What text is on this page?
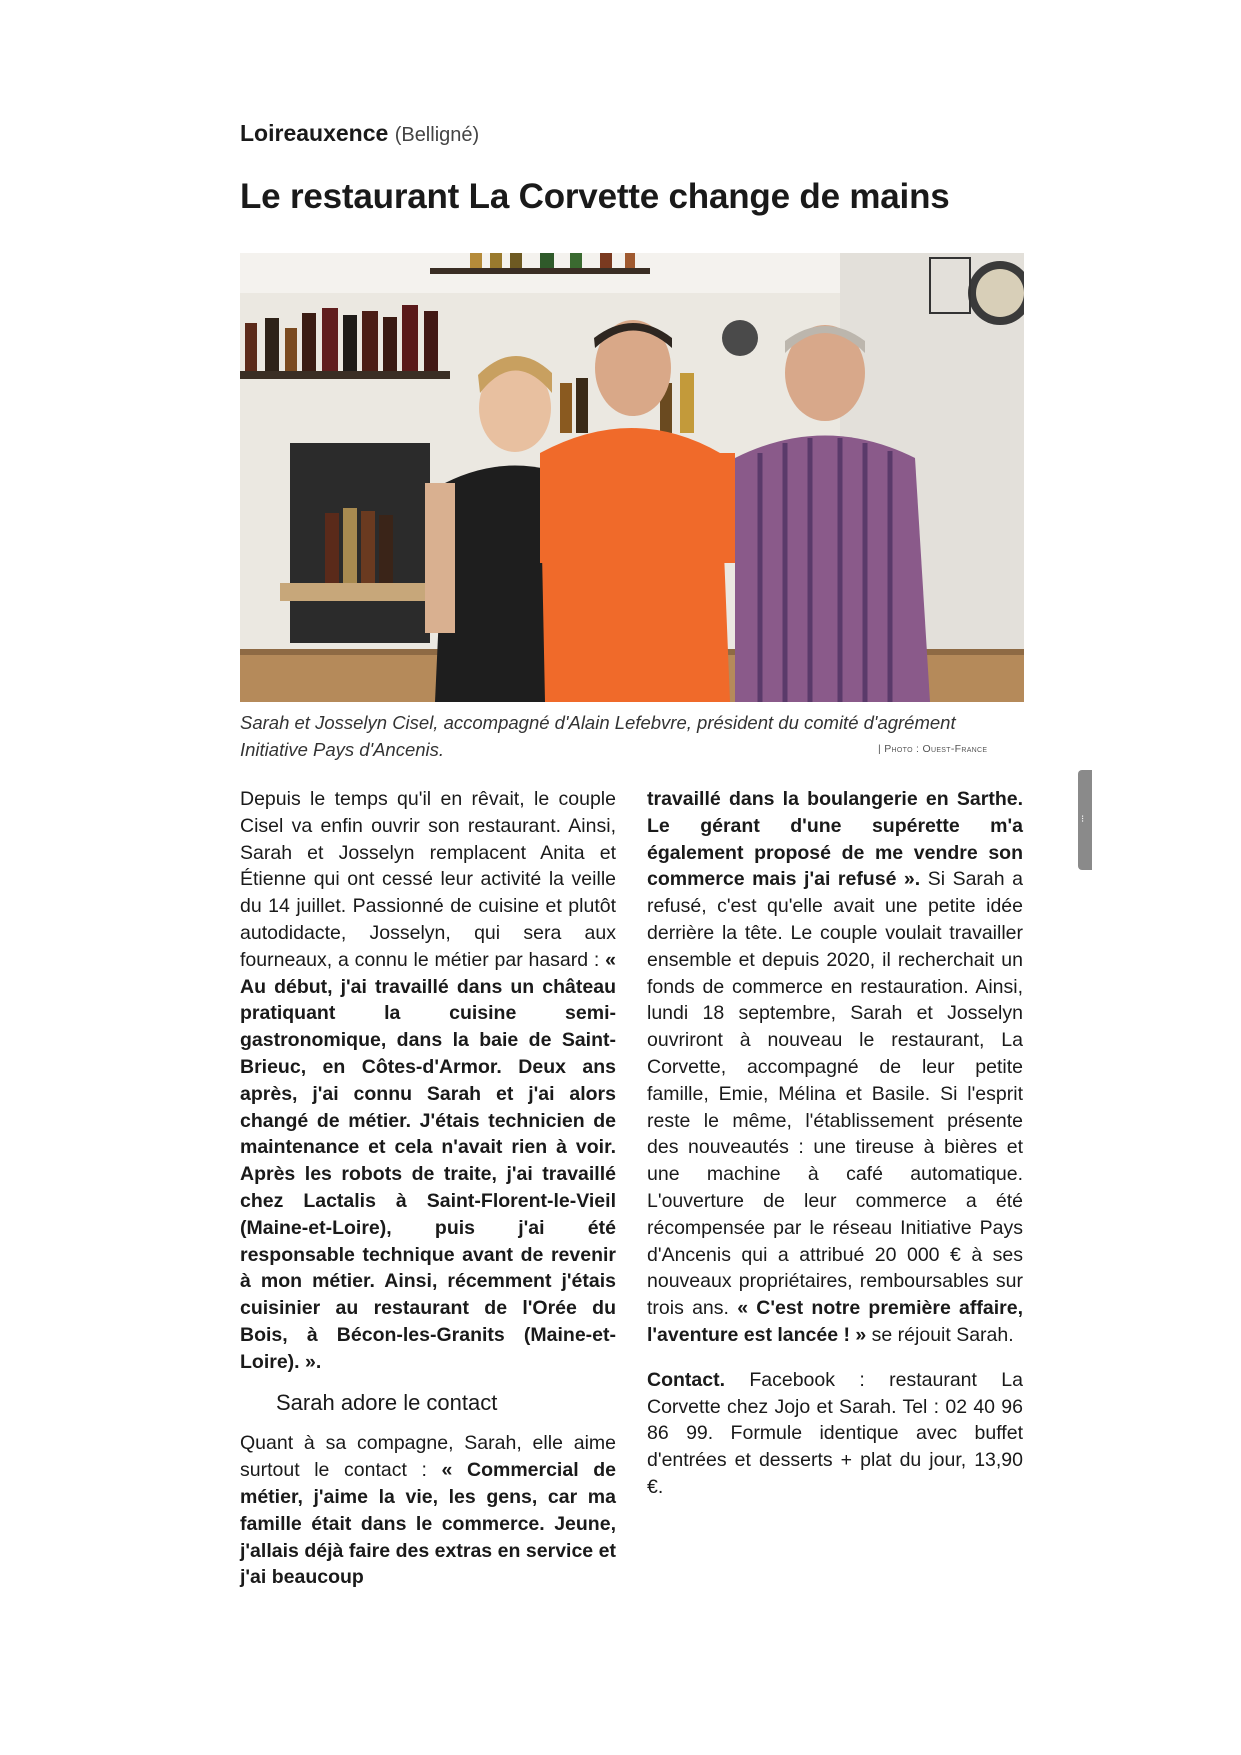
Loireauxence (Belligné)
Le restaurant La Corvette change de mains
Sarah et Josselyn Cisel, accompagné d'Alain Lefebvre, président du comité d'agrément Initiative Pays d'Ancenis.	| Photo : Ouest-France

Depuis le temps qu'il en rêvait, le couple Cisel va enfin ouvrir son restaurant. Ainsi, Sarah et Josselyn remplacent Anita et Étienne qui ont cessé leur activité la veille du 14 juillet. Passionné de cuisine et plutôt autodidacte, Josselyn, qui sera aux fourneaux, a connu le métier par hasard : « Au début, j'ai travaillé dans un château pratiquant la cuisine semi-gastronomique, dans la baie de Saint-Brieuc, en Côtes-d'Armor. Deux ans après, j'ai connu Sarah et j'ai alors changé de métier. J'étais technicien de maintenance et cela n'avait rien à voir. Après les robots de traite, j'ai travaillé chez Lactalis à Saint-Florent-le-Vieil (Maine-et-Loire), puis j'ai été responsable technique avant de revenir à mon métier. Ainsi, récemment j'étais cuisinier au restaurant de l'Orée du Bois, à Bécon-les-Granits (Maine-et-Loire). ».

Sarah adore le contact

Quant à sa compagne, Sarah, elle aime surtout le contact : « Commercial de métier, j'aime la vie, les gens, car ma famille était dans le commerce. Jeune, j'allais déjà faire des extras en service et j'ai beaucoup

travaillé dans la boulangerie en Sarthe. Le gérant d'une supérette m'a également proposé de me vendre son commerce mais j'ai refusé ». Si Sarah a refusé, c'est qu'elle avait une petite idée derrière la tête. Le couple voulait travailler ensemble et depuis 2020, il recherchait un fonds de commerce en restauration. Ainsi, lundi 18 septembre, Sarah et Josselyn ouvriront à nouveau le restaurant, La Corvette, accompagné de leur petite famille, Emie, Mélina et Basile. Si l'esprit reste le même, l'établissement présente des nouveautés : une tireuse à bières et une machine à café automatique. L'ouverture de leur commerce a été récompensée par le réseau Initiative Pays d'Ancenis qui a attribué 20 000 € à ses nouveaux propriétaires, remboursables sur trois ans. « C'est notre première affaire, l'aventure est lancée ! » se réjouit Sarah.

Contact. Facebook : restaurant La Corvette chez Jojo et Sarah. Tel : 02 40 96 86 99. Formule identique avec buffet d'entrées et desserts + plat du jour, 13,90 €.

⁝
